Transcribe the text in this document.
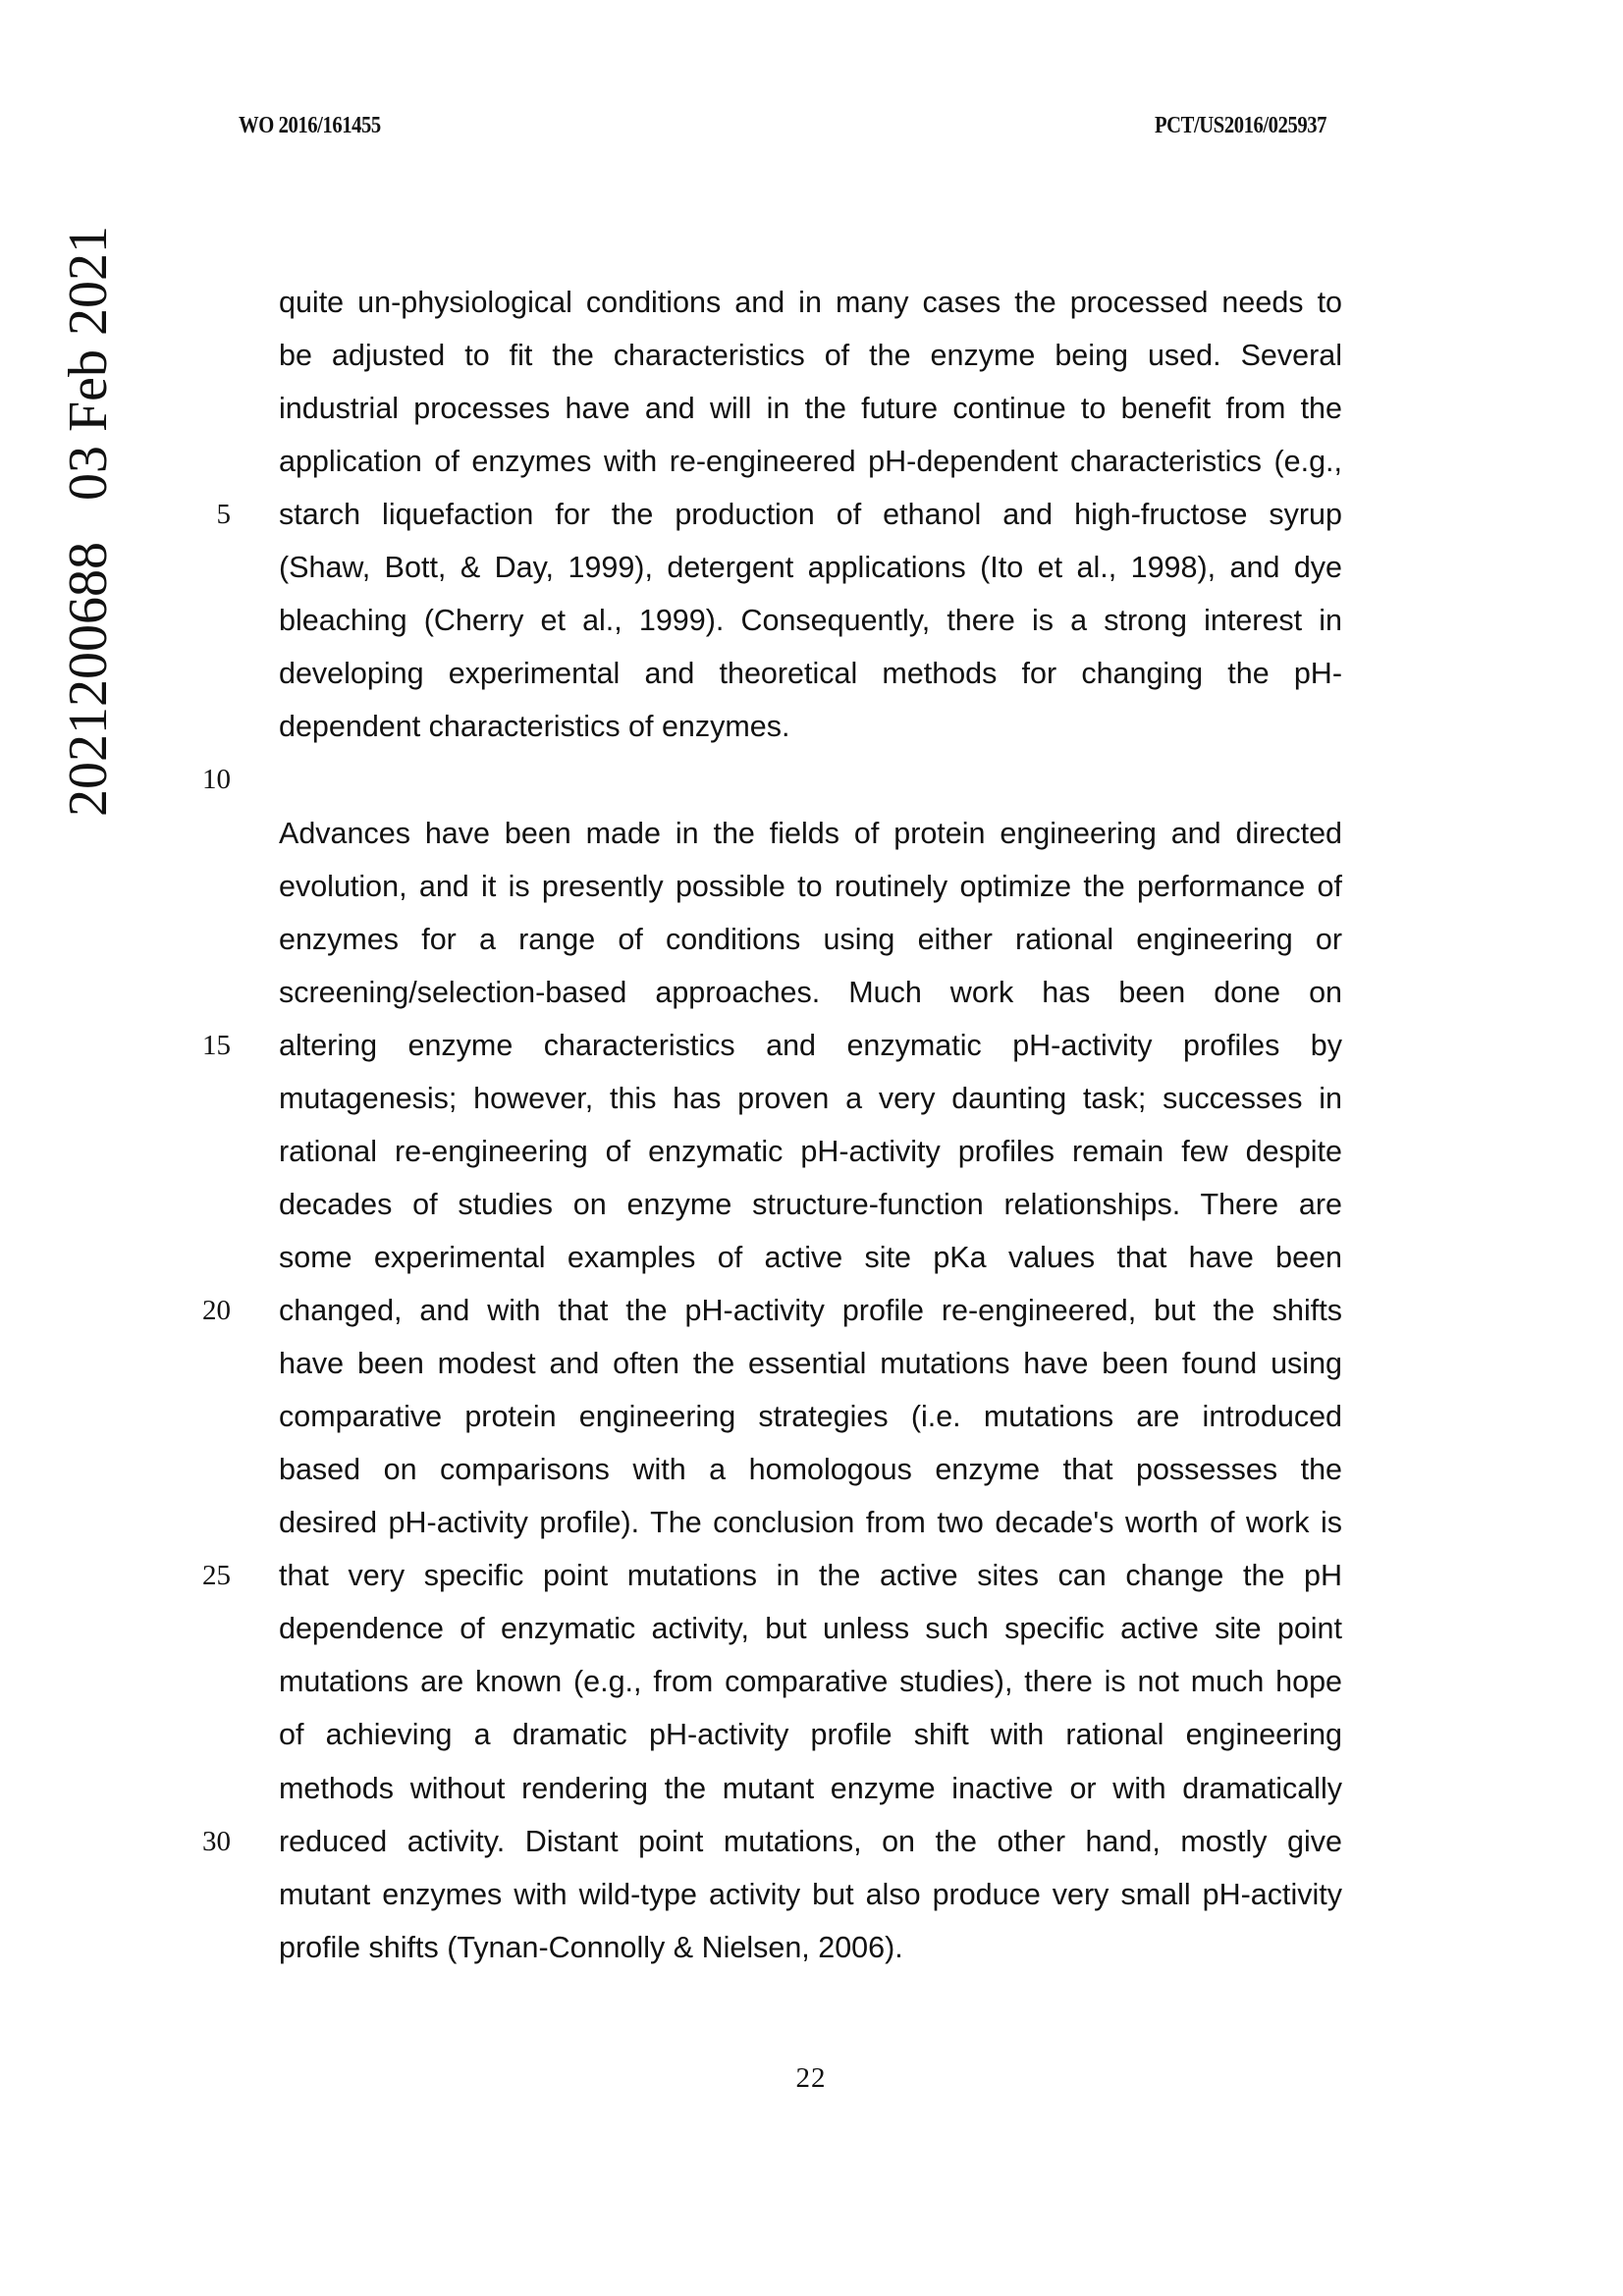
WO 2016/161455	PCT/US2016/025937
2021200688   03 Feb 2021	5
10
15
20
25
30
quite un-physiological conditions and in many cases the processed needs to
be adjusted to fit the characteristics of the enzyme being used. Several
industrial processes have and will in the future continue to benefit from the
application of enzymes with re-engineered pH-dependent characteristics (e.g.,
starch liquefaction for the production of ethanol and high-fructose syrup
(Shaw, Bott, & Day, 1999), detergent applications (Ito et al., 1998), and dye
bleaching (Cherry et al., 1999). Consequently, there is a strong interest in
developing experimental and theoretical methods for changing the pH-
dependent characteristics of enzymes.
Advances have been made in the fields of protein engineering and directed
evolution, and it is presently possible to routinely optimize the performance of
enzymes for a range of conditions using either rational engineering or
screening/selection-based approaches. Much work has been done on
altering enzyme characteristics and enzymatic pH-activity profiles by
mutagenesis; however, this has proven a very daunting task; successes in
rational re-engineering of enzymatic pH-activity profiles remain few despite
decades of studies on enzyme structure-function relationships. There are
some experimental examples of active site pKa values that have been
changed, and with that the pH-activity profile re-engineered, but the shifts
have been modest and often the essential mutations have been found using
comparative protein engineering strategies (i.e. mutations are introduced
based on comparisons with a homologous enzyme that possesses the
desired pH-activity profile). The conclusion from two decade's worth of work is
that very specific point mutations in the active sites can change the pH
dependence of enzymatic activity, but unless such specific active site point
mutations are known (e.g., from comparative studies), there is not much hope
of achieving a dramatic pH-activity profile shift with rational engineering
methods without rendering the mutant enzyme inactive or with dramatically
reduced activity. Distant point mutations, on the other hand, mostly give
mutant enzymes with wild-type activity but also produce very small pH-activity
profile shifts (Tynan-Connolly & Nielsen, 2006).
22
